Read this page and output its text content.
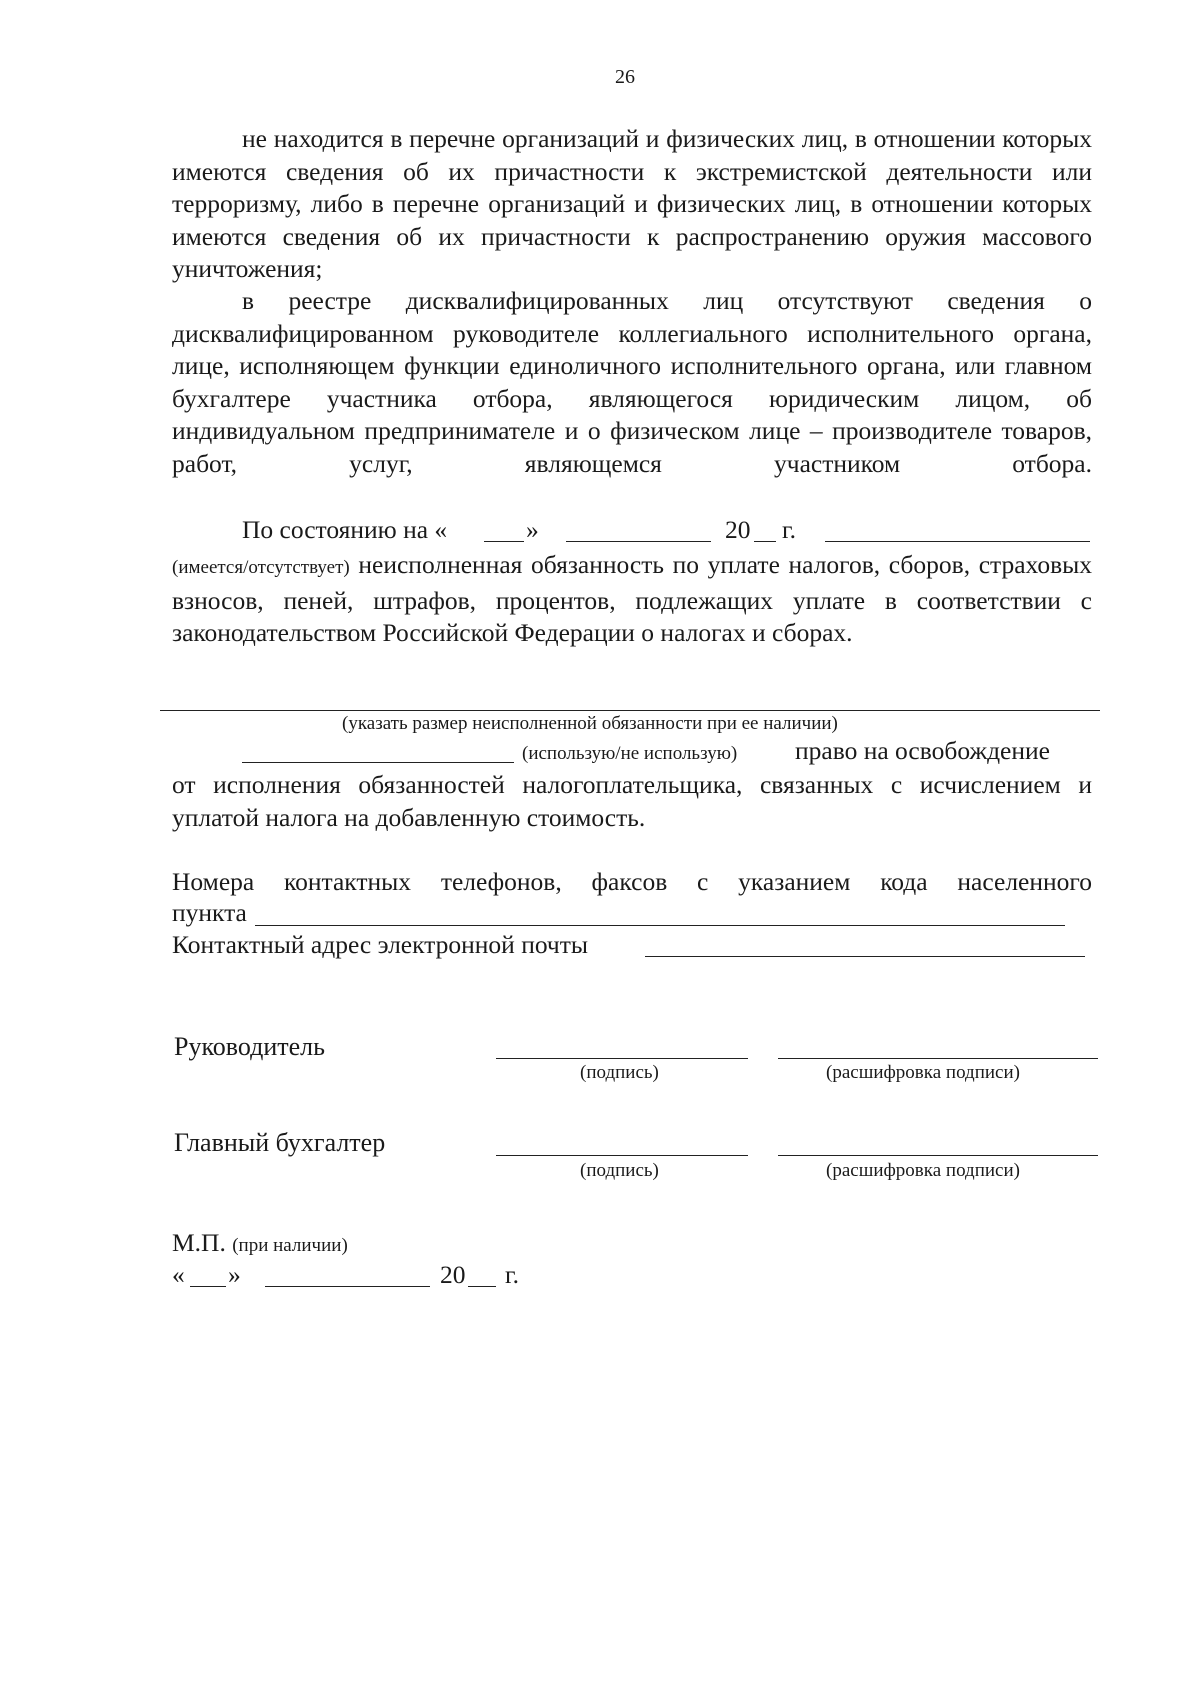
26

не находится в перечне организаций и физических лиц, в отношении которых имеются сведения об их причастности к экстремистской деятельности или терроризму, либо в перечне организаций и физических лиц, в отношении которых имеются сведения об их причастности к распространению оружия массового уничтожения;

в реестре дисквалифицированных лиц отсутствуют сведения о дисквалифицированном руководителе коллегиального исполнительного органа, лице, исполняющем функции единоличного исполнительного органа, или главном бухгалтере участника отбора, являющегося юридическим лицом, об индивидуальном предпринимателе и о физическом лице – производителе товаров, работ, услуг, являющемся участником отбора.

По состоянию на «	»	20 г.

(имеется/отсутствует) неисполненная обязанность по уплате налогов, сборов, страховых взносов, пеней, штрафов, процентов, подлежащих уплате в соответствии с законодательством Российской Федерации о налогах и сборах.

(указать размер неисполненной обязанности при ее наличии)
(использую/не использую) право на освобождение

от исполнения обязанностей налогоплательщика, связанных с исчислением и уплатой налога на добавленную стоимость.

Номера контактных телефонов, факсов с указанием кода населенного

пункта
Контактный адрес электронной почты
Руководитель
(подпись)	(расшифровка подписи)
Главный бухгалтер
(подпись)	(расшифровка подписи)
М.П. (при наличии)
« »	20 г.
